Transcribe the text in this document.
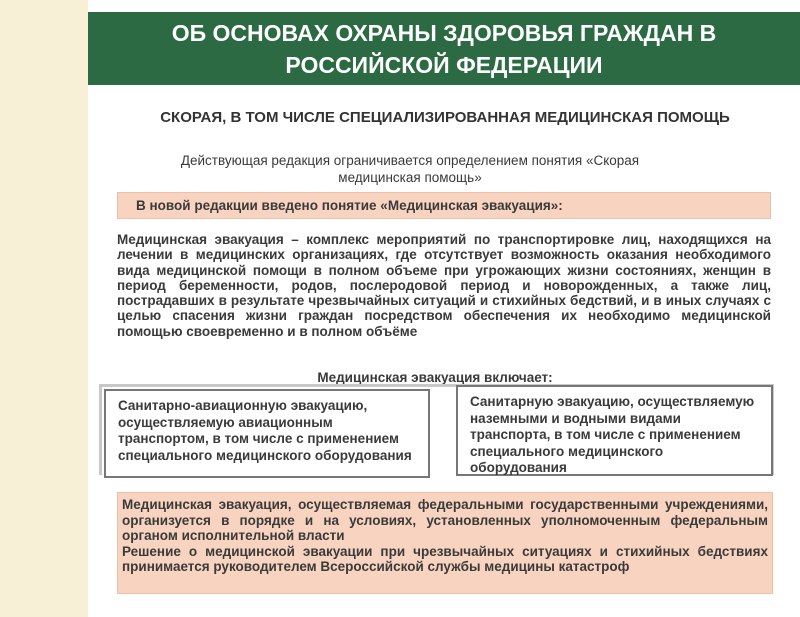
ОБ ОСНОВАХ ОХРАНЫ ЗДОРОВЬЯ ГРАЖДАН В РОССИЙСКОЙ ФЕДЕРАЦИИ
СКОРАЯ, В ТОМ ЧИСЛЕ СПЕЦИАЛИЗИРОВАННАЯ МЕДИЦИНСКАЯ ПОМОЩЬ
Действующая редакция ограничивается определением понятия «Скорая медицинская помощь»
В новой редакции введено понятие «Медицинская эвакуация»:
Медицинская эвакуация – комплекс мероприятий по транспортировке лиц, находящихся на лечении в медицинских организациях, где отсутствует возможность оказания необходимого вида медицинской помощи в полном объеме при угрожающих жизни состояниях, женщин в период беременности, родов, послеродовой период и новорожденных, а также лиц, пострадавших в результате чрезвычайных ситуаций и стихийных бедствий, и в иных случаях с целью спасения жизни граждан посредством обеспечения их необходимо медицинской помощью своевременно и в полном объёме
Медицинская эвакуация включает:
Санитарно-авиационную эвакуацию, осуществляемую авиационным транспортом, в том числе с применением специального медицинского оборудования
Санитарную эвакуацию, осуществляемую наземными и водными видами транспорта, в том числе с применением специального медицинского оборудования

Медицинская эвакуация, осуществляемая федеральными государственными учреждениями, организуется в порядке и на условиях, установленных уполномоченным федеральным органом исполнительной власти

Решение о медицинской эвакуации при чрезвычайных ситуациях и стихийных бедствиях принимается руководителем Всероссийской службы медицины катастроф
